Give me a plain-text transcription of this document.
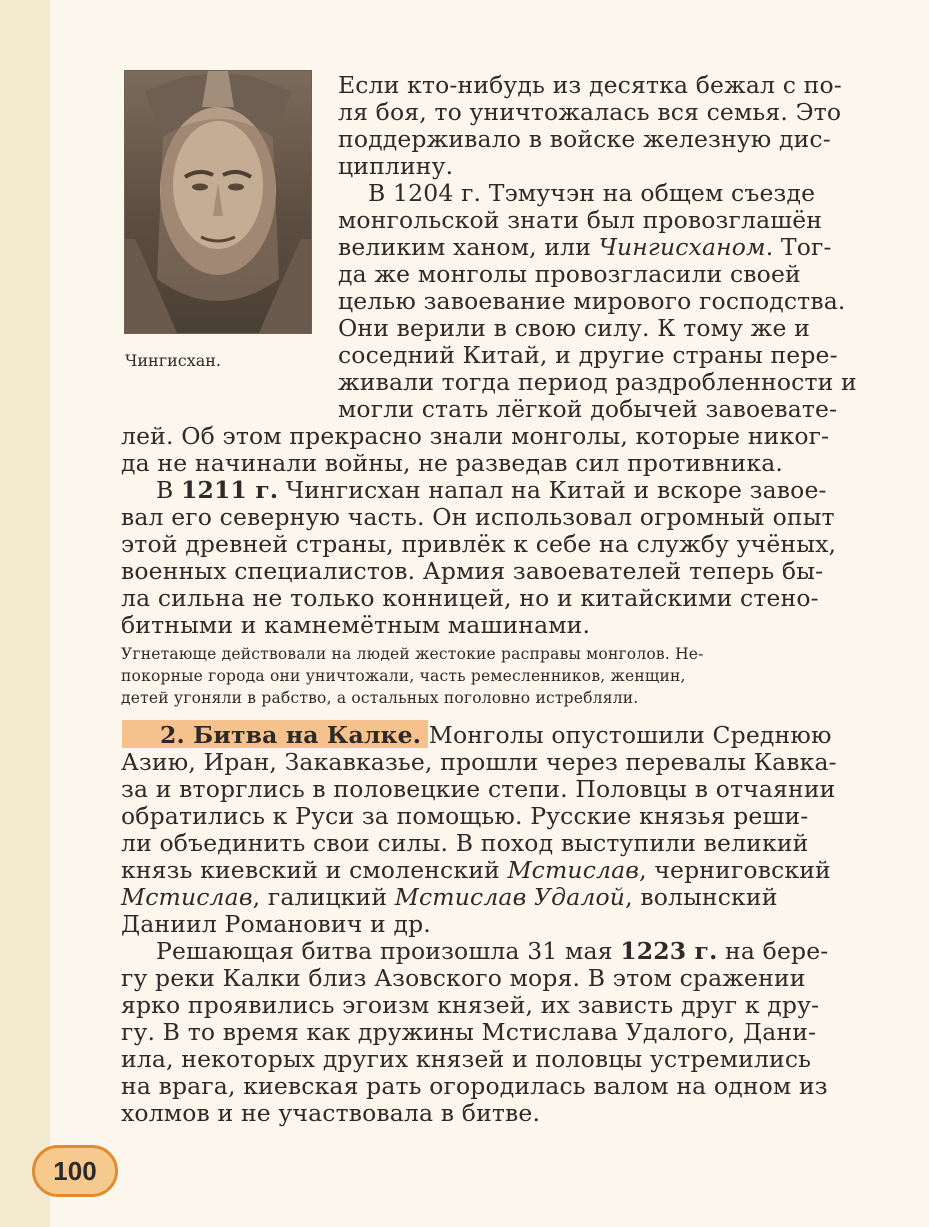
Чингисхан.
Если кто-нибудь из десятка бежал с по-
ля боя, то уничтожалась вся семья. Это
поддерживало в войске железную дис-
циплину.
В 1204 г. Тэмучэн на общем съезде
монгольской знати был провозглашён
великим ханом, или Чингисханом. Тог-
да же монголы провозгласили своей
целью завоевание мирового господства.
Они верили в свою силу. К тому же и
соседний Китай, и другие страны пере-
живали тогда период раздробленности и
могли стать лёгкой добычей завоевате-
лей. Об этом прекрасно знали монголы, которые никог-
да не начинали войны, не разведав сил противника.
В 1211 г. Чингисхан напал на Китай и вскоре завое-
вал его северную часть. Он использовал огромный опыт
этой древней страны, привлёк к себе на службу учёных,
военных специалистов. Армия завоевателей теперь бы-
ла сильна не только конницей, но и китайскими стено-
битными и камнемётным машинами.
Угнетающе действовали на людей жестокие расправы монголов. Не-
покорные города они уничтожали, часть ремесленников, женщин,
детей угоняли в рабство, а остальных поголовно истребляли.
2. Битва на Калке. Монголы опустошили Среднюю
Азию, Иран, Закавказье, прошли через перевалы Кавка-
за и вторглись в половецкие степи. Половцы в отчаянии
обратились к Руси за помощью. Русские князья реши-
ли объединить свои силы. В поход выступили великий
князь киевский и смоленский Мстислав, черниговский
Мстислав, галицкий Мстислав Удалой, волынский
Даниил Романович и др.
Решающая битва произошла 31 мая 1223 г. на бере-
гу реки Калки близ Азовского моря. В этом сражении
ярко проявились эгоизм князей, их зависть друг к дру-
гу. В то время как дружины Мстислава Удалого, Дани-
ила, некоторых других князей и половцы устремились
на врага, киевская рать огородилась валом на одном из
холмов и не участвовала в битве.
100
